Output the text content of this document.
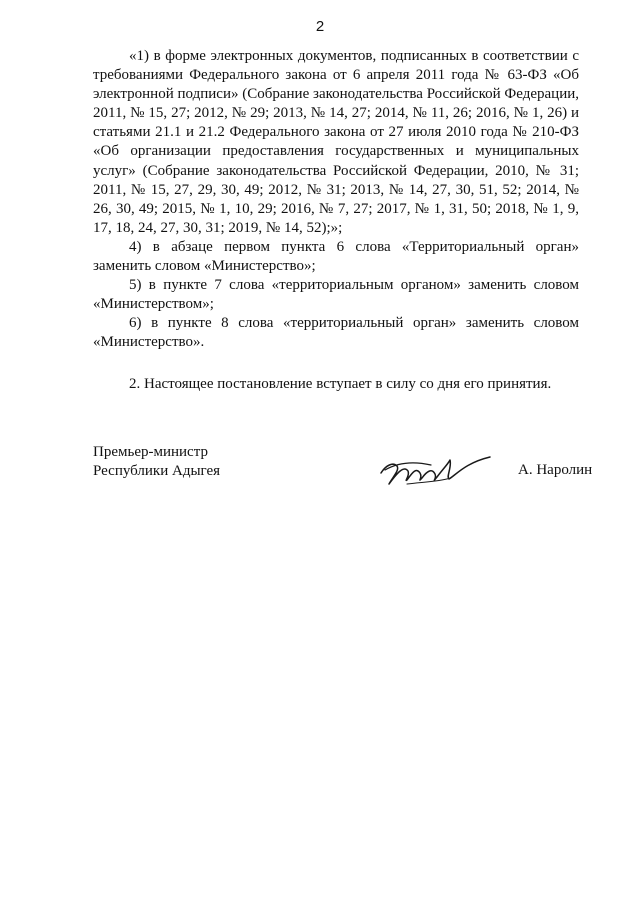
2

«1) в форме электронных документов, подписанных в соответствии с требованиями Федерального закона от 6 апреля 2011 года № 63-ФЗ «Об электронной подписи» (Собрание законодательства Российской Федерации, 2011, № 15, 27; 2012, № 29; 2013, № 14, 27; 2014, № 11, 26; 2016, № 1, 26) и статьями 21.1 и 21.2 Федерального закона от 27 июля 2010 года № 210-ФЗ «Об организации предоставления государственных и муниципальных услуг» (Собрание законодательства Российской Федерации, 2010, № 31; 2011, № 15, 27, 29, 30, 49; 2012, № 31; 2013, № 14, 27, 30, 51, 52; 2014, № 26, 30, 49; 2015, № 1, 10, 29; 2016, № 7, 27; 2017, № 1, 31, 50; 2018, № 1, 9, 17, 18, 24, 27, 30, 31; 2019, № 14, 52);»;

4) в абзаце первом пункта 6 слова «Территориальный орган» заменить словом «Министерство»;

5) в пункте 7 слова «территориальным органом» заменить словом «Министерством»;

6) в пункте 8 слова «территориальный орган» заменить словом «Министерство».

2. Настоящее постановление вступает в силу со дня его принятия.

Премьер-министр
Республики Адыгея	А. Наролин
